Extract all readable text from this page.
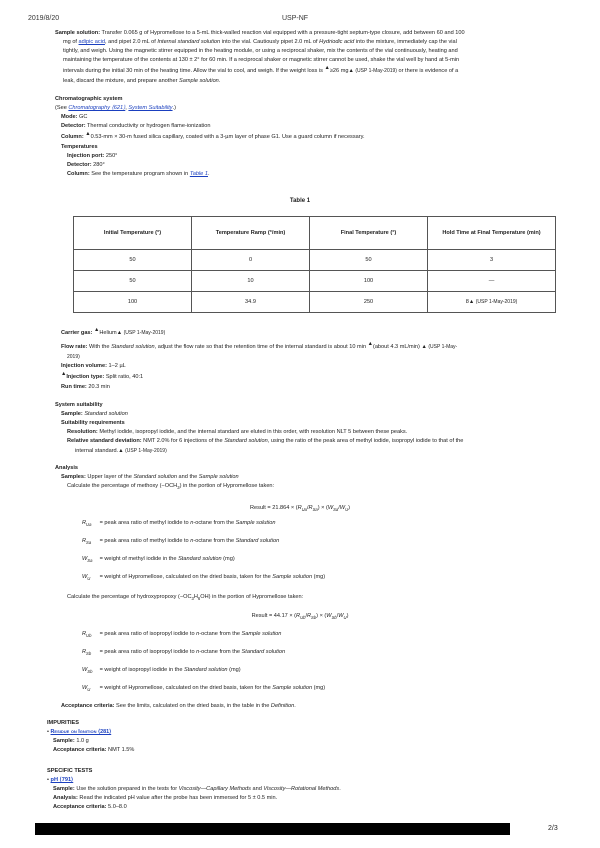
2019/8/20	USP-NF
Sample solution: Transfer 0.065 g of Hypromellose to a 5-mL thick-walled reaction vial equipped with a pressure-tight septum-type closure, add between 60 and 100
mg of adipic acid, and pipet 2.0 mL of Internal standard solution into the vial. Cautiously pipet 2.0 mL of Hydriodic acid into the mixture, immediately cap the vial
tightly, and weigh. Using the magnetic stirrer equipped in the heating module, or using a reciprocal shaker, mix the contents of the vial continuously, heating and
maintaining the temperature of the contents at 130 ± 2° for 60 min. If a reciprocal shaker or magnetic stirrer cannot be used, shake the vial well by hand at 5-min
intervals during the initial 30 min of the heating time. Allow the vial to cool, and weigh. If the weight loss is ▲≥26 mg▲ (USP 1-May-2019) or there is evidence of a
leak, discard the mixture, and prepare another Sample solution.
Chromatographic system
(See Chromatography ⟨621⟩, System Suitability.)
Mode: GC
Detector: Thermal conductivity or hydrogen flame-ionization
Column: ▲0.53-mm × 30-m fused silica capillary, coated with a 3-µm layer of phase G1. Use a guard column if necessary.
Temperatures
Injection port: 250°
Detector: 280°
Column: See the temperature program shown in Table 1.
Table 1
Initial Temperature (°)	Temperature Ramp (°/min)	Final Temperature (°)	Hold Time at Final Temperature (min)
50	0	50	3
50	10	100	—
100	34.9	250	8▲ (USP 1-May-2019)
Carrier gas: ▲Helium▲ (USP 1-May-2019)
Flow rate: With the Standard solution, adjust the flow rate so that the retention time of the internal standard is about 10 min ▲(about 4.3 mL/min) ▲ (USP 1-May-
2019)
Injection volume: 1–2 µL
▲Injection type: Split ratio, 40:1
Run time: 20.3 min
System suitability
Sample: Standard solution
Suitability requirements
Resolution: Methyl iodide, isopropyl iodide, and the internal standard are eluted in this order, with resolution NLT 5 between these peaks.
Relative standard deviation: NMT 2.0% for 6 injections of the Standard solution, using the ratio of the peak area of methyl iodide, isopropyl iodide to that of the
internal standard.▲ (USP 1-May-2019)
Analysis
Samples: Upper layer of the Standard solution and the Sample solution
Calculate the percentage of methoxy $(-OCH_3)$ in the portion of Hypromellose taken:
Result = $21.864 \times (R_{Ua}/R_{Sa}) \times (W_{Sa}/W_U)$
$R_{Ua}$ = peak area ratio of methyl iodide to n-octane from the Sample solution
$R_{Sa}$ = peak area ratio of methyl iodide to n-octane from the Standard solution
$W_{Sa}$ = weight of methyl iodide in the Standard solution (mg)
$W_U$ = weight of Hypromellose, calculated on the dried basis, taken for the Sample solution (mg)
Calculate the percentage of hydroxypropoxy $(-OC_3H_6OH)$ in the portion of Hypromellose taken:
Result = $44.17 \times (R_{Ub}/R_{Sb}) \times (W_{Sb}/W_U)$
$R_{Ub}$ = peak area ratio of isopropyl iodide to n-octane from the Sample solution
$R_{Sb}$ = peak area ratio of isopropyl iodide to n-octane from the Standard solution
$W_{Sb}$ = weight of isopropyl iodide in the Standard solution (mg)
$W_U$ = weight of Hypromellose, calculated on the dried basis, taken for the Sample solution (mg)
Acceptance criteria: See the limits, calculated on the dried basis, in the table in the Definition.
IMPURITIES
• Residue on Ignition ⟨281⟩
Sample: 1.0 g
Acceptance criteria: NMT 1.5%
SPECIFIC TESTS
• pH ⟨791⟩
Sample: Use the solution prepared in the tests for Viscosity—Capillary Methods and Viscosity—Rotational Methods.
Analysis: Read the indicated pH value after the probe has been immersed for 5 ± 0.5 min.
Acceptance criteria: 5.0–8.0
2/3
